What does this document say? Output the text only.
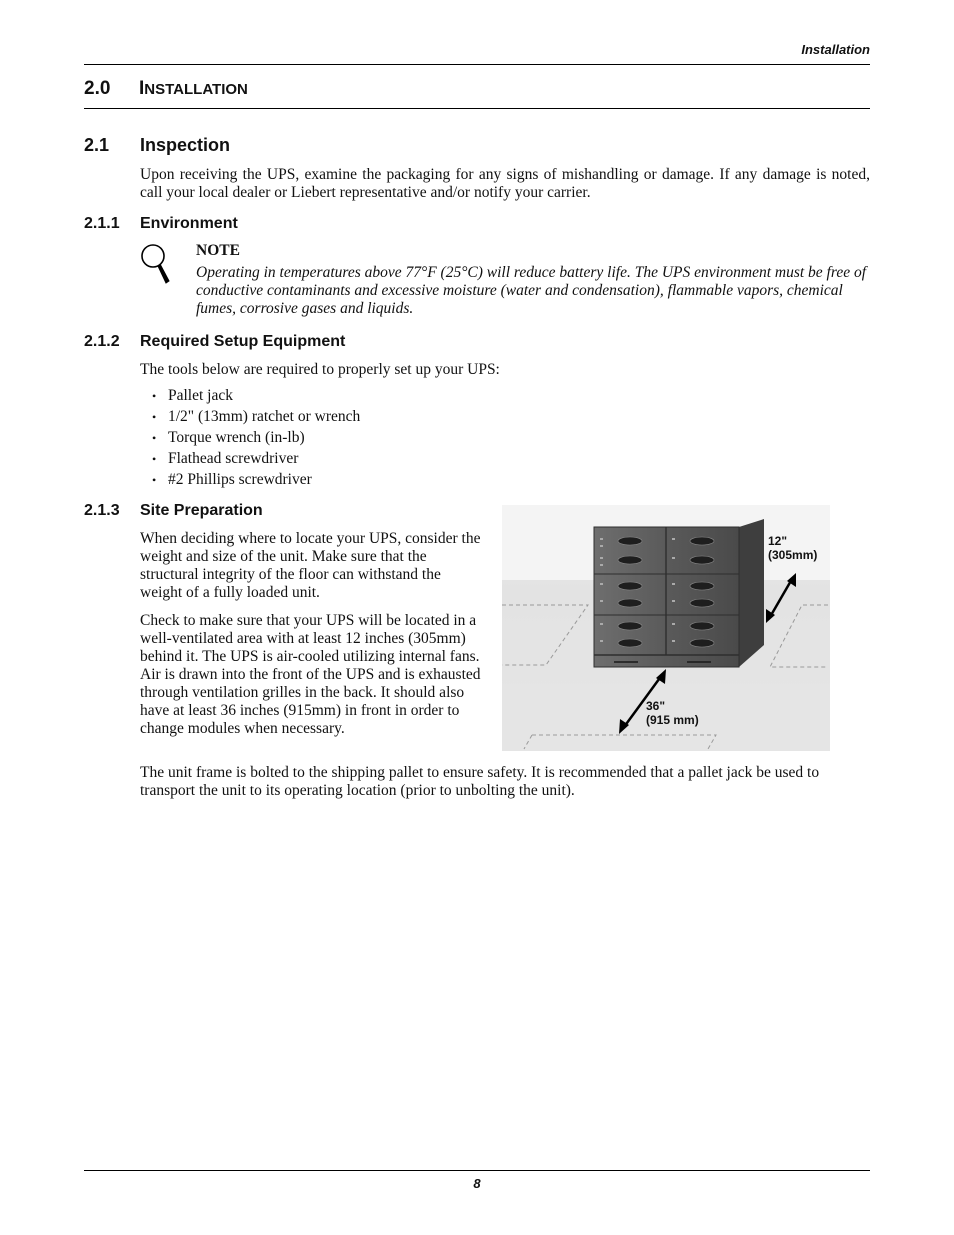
Installation
2.0 INSTALLATION
2.1 Inspection
Upon receiving the UPS, examine the packaging for any signs of mishandling or damage. If any damage is noted, call your local dealer or Liebert representative and/or notify your carrier.
2.1.1 Environment
NOTE
Operating in temperatures above 77°F (25°C) will reduce battery life. The UPS environment must be free of conductive contaminants and excessive moisture (water and condensation), flammable vapors, chemical fumes, corrosive gases and liquids.
2.1.2 Required Setup Equipment
The tools below are required to properly set up your UPS:
• Pallet jack
• 1/2" (13mm) ratchet or wrench
• Torque wrench (in-lb)
• Flathead screwdriver
• #2 Phillips screwdriver
2.1.3 Site Preparation
When deciding where to locate your UPS, consider the weight and size of the unit. Make sure that the structural integrity of the floor can withstand the weight of a fully loaded unit.
Check to make sure that your UPS will be located in a well-ventilated area with at least 12 inches (305mm) behind it. The UPS is air-cooled utilizing internal fans. Air is drawn into the front of the UPS and is exhausted through ventilation grilles in the back. It should also have at least 36 inches (915mm) in front in order to change modules when necessary.
12"
(305mm)
36"
(915 mm)
The unit frame is bolted to the shipping pallet to ensure safety. It is recommended that a pallet jack be used to transport the unit to its operating location (prior to unbolting the unit).
8
